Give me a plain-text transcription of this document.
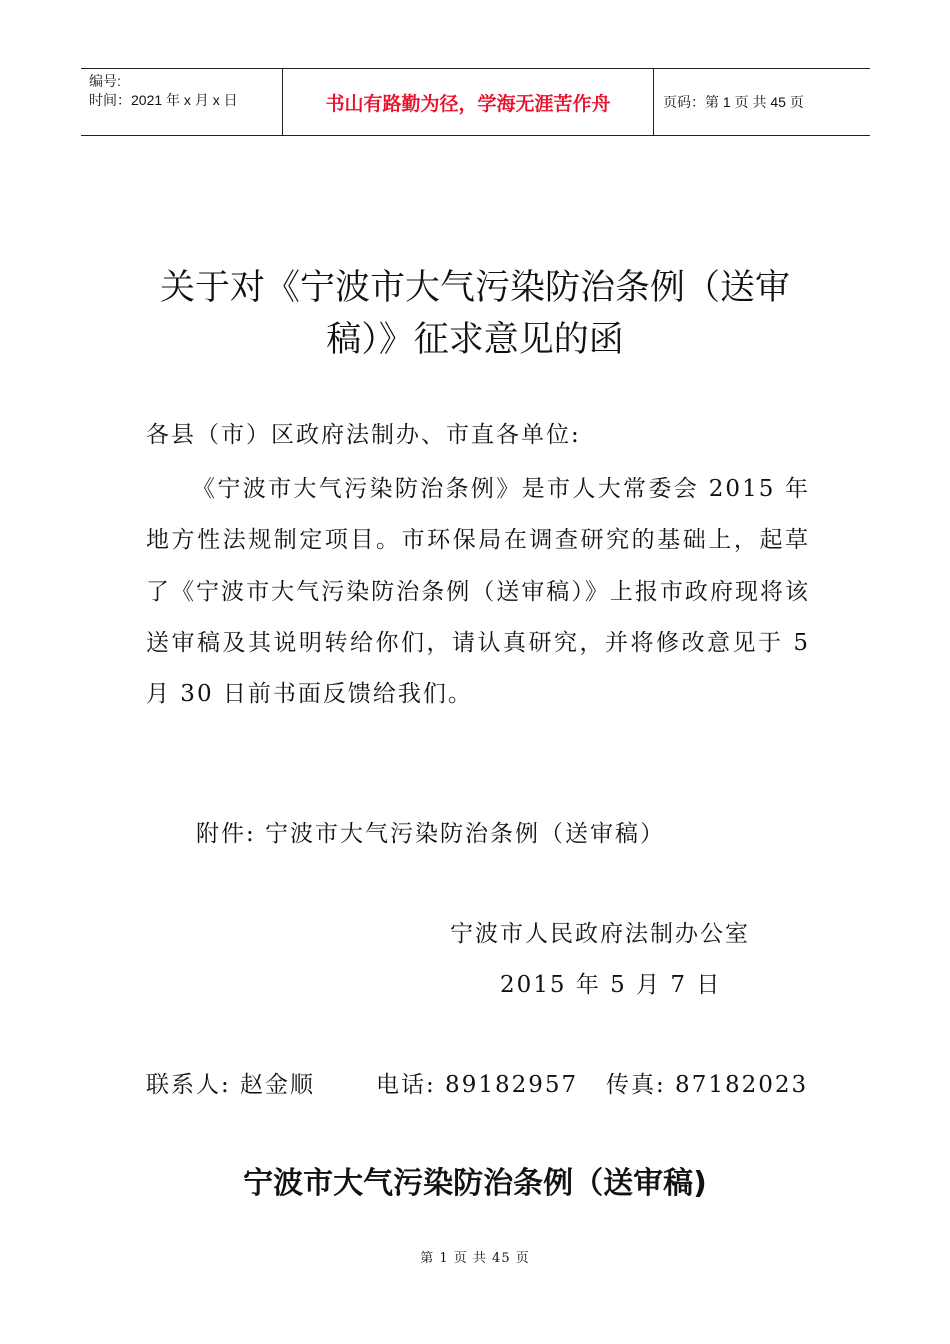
编号:
时间：2021 年 x 月 x 日	书山有路勤为径，学海无涯苦作舟	页码：第 1 页 共 45 页
关于对《宁波市大气污染防治条例（送审
稿）》征求意见的函
各县（市）区政府法制办、市直各单位:
《宁波市大气污染防治条例》是市人大常委会 2015 年地方性法规制定项目。市环保局在调查研究的基础上，起草了《宁波市大气污染防治条例（送审稿）》上报市政府现将该送审稿及其说明转给你们，请认真研究，并将修改意见于 5 月 30 日前书面反馈给我们。
附件: 宁波市大气污染防治条例（送审稿）
宁波市人民政府法制办公室
2015 年 5 月 7 日
联系人: 赵金顺	电话: 89182957 传真: 87182023
宁波市大气污染防治条例（送审稿)
第 1 页 共 45 页
